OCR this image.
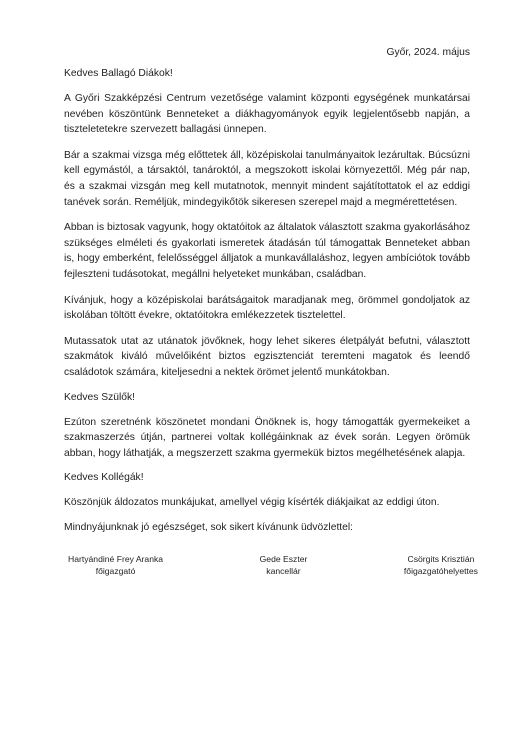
Győr, 2024. május

Kedves Ballagó Diákok!

A Győri Szakképzési Centrum vezetősége valamint központi egységének munkatársai nevében köszöntünk Benneteket a diákhagyományok egyik legjelentősebb napján, a tiszteletetekre szervezett ballagási ünnepen.

Bár a szakmai vizsga még előttetek áll, középiskolai tanulmányaitok lezárultak. Búcsúzni kell egymástól, a társaktól, tanároktól, a megszokott iskolai környezettől. Még pár nap, és a szakmai vizsgán meg kell mutatnotok, mennyit mindent sajátítottatok el az eddigi tanévek során. Reméljük, mindegyikőtök sikeresen szerepel majd a megmérettetésen.

Abban is biztosak vagyunk, hogy oktatóitok az általatok választott szakma gyakorlásához szükséges elméleti és gyakorlati ismeretek átadásán túl támogattak Benneteket abban is, hogy emberként, felelősséggel álljatok a munkavállaláshoz, legyen ambíciótok tovább fejleszteni tudásotokat, megállni helyeteket munkában, családban.

Kívánjuk, hogy a középiskolai barátságaitok maradjanak meg, örömmel gondoljatok az iskolában töltött évekre, oktatóitokra emlékezzetek tisztelettel.

Mutassatok utat az utánatok jövőknek, hogy lehet sikeres életpályát befutni, választott szakmátok kiváló művelőiként biztos egzisztenciát teremteni magatok és leendő családotok számára, kiteljesedni a nektek örömet jelentő munkátokban.

Kedves Szülők!

Ezúton szeretnénk köszönetet mondani Önöknek is, hogy támogatták gyermekeiket a szakmaszerzés útján, partnerei voltak kollégáinknak az évek során. Legyen örömük abban, hogy láthatják, a megszerzett szakma gyermekük biztos megélhetésének alapja.

Kedves Kollégák!

Köszönjük áldozatos munkájukat, amellyel végig kísérték diákjaikat az eddigi úton.

Mindnyájunknak jó egészséget, sok sikert kívánunk üdvözlettel:

Hartyándiné Frey Aranka
főigazgató
Gede Eszter
kancellár
Csörgits Krisztián
főigazgatóhelyettes
